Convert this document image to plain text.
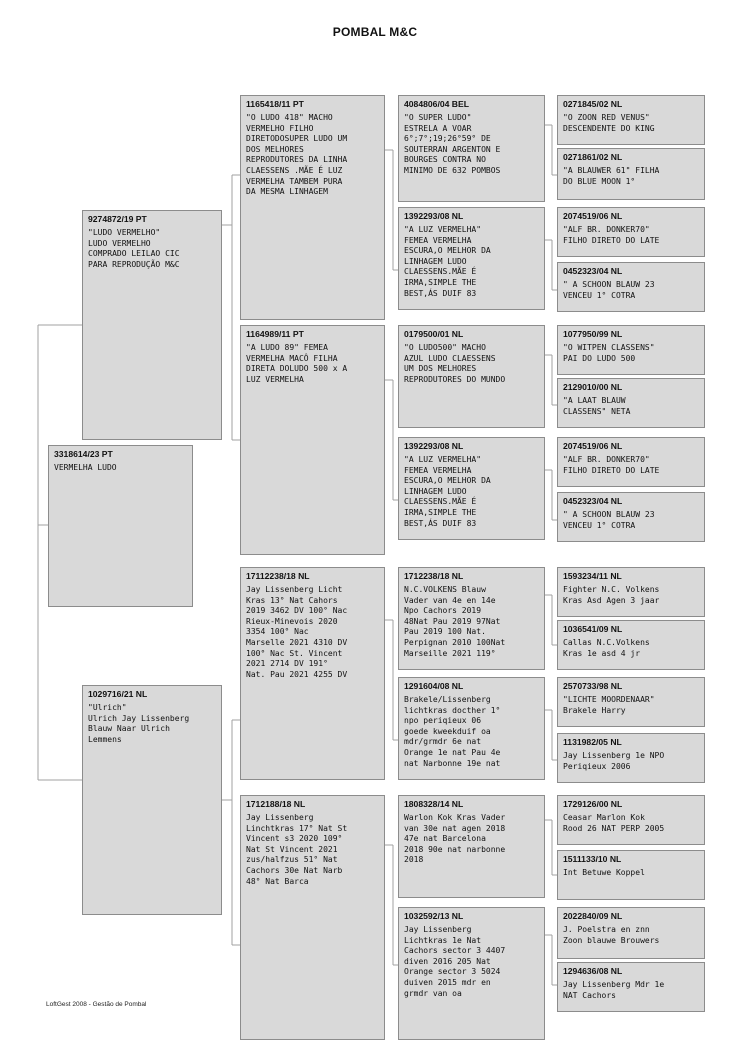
POMBAL M&C
3318614/23 PT
VERMELHA LUDO
9274872/19 PT
"LUDO VERMELHO"
LUDO VERMELHO
COMPRADO LEILAO CIC
PARA REPRODUÇÃO M&C
1029716/21 NL
"Ulrich"
Ulrich Jay Lissenberg
Blauw Naar Ulrich
Lemmens
1165418/11 PT
"O LUDO 418" MACHO
VERMELHO FILHO
DIRETODOSUPER LUDO UM
DOS MELHORES
REPRODUTORES DA LINHA
CLAESSENS .MÃE É LUZ
VERMELHA TAMBEM PURA
DA MESMA LINHAGEM
1164989/11 PT
"A LUDO 89" FEMEA
VERMELHA MACÔ FILHA
DIRETA DOLUDO 500 x A
LUZ VERMELHA
17112238/18 NL
Jay Lissenberg Licht
Kras 13° Nat Cahors
2019 3462 DV 100° Nac
Rieux-Minevois 2020
3354 100° Nac
Marselle 2021 4310 DV
100° Nac St. Vincent
2021 2714 DV 191°
Nat. Pau 2021 4255 DV
1712188/18 NL
Jay Lissenberg
Linchtkras 17° Nat St
Vincent s3 2020 109°
Nat St Vincent 2021
zus/halfzus 51° Nat
Cachors 30e Nat Narb
48° Nat Barca
4084806/04 BEL
"O SUPER LUDO"
ESTRELA A VOAR
6°;7°;19;26°59° DE
SOUTERRAN ARGENTON E
BOURGES CONTRA NO
MINIMO DE 632 POMBOS
1392293/08 NL
"A LUZ VERMELHA"
FEMEA VERMELHA
ESCURA,O MELHOR DA
LINHAGEM LUDO
CLAESSENS.MÃE É
IRMA,SIMPLE THE
BEST,ÁS DUIF 83
0179500/01 NL
"O LUDO500" MACHO
AZUL LUDO CLAESSENS
UM DOS MELHORES
REPRODUTORES DO MUNDO
1392293/08 NL
"A LUZ VERMELHA"
FEMEA VERMELHA
ESCURA,O MELHOR DA
LINHAGEM LUDO
CLAESSENS.MÃE É
IRMA,SIMPLE THE
BEST,ÁS DUIF 83
1712238/18 NL
N.C.VOLKENS Blauw
Vader van 4e en 14e
Npo Cachors 2019
48Nat Pau 2019 97Nat
Pau 2019 100 Nat.
Perpignan 2010 100Nat
Marseille 2021 119°
1291604/08 NL
Brakele/Lissenberg
lichtkras docther 1°
npo periqieux 06
goede kweekduif oa
mdr/grmdr 6e nat
Orange 1e nat Pau 4e
nat Narbonne 19e nat
1808328/14 NL
Warlon Kok Kras Vader
van 30e nat agen 2018
47e nat Barcelona
2018 90e nat narbonne
2018
1032592/13 NL
Jay Lissenberg
Lichtkras 1e Nat
Cachors sector 3 4407
diven 2016 205 Nat
Orange sector 3 5024
duiven 2015 mdr en
grmdr van oa
0271845/02 NL
"O ZOON RED VENUS"
DESCENDENTE DO KING
0271861/02 NL
"A BLAUWER 61" FILHA
DO BLUE MOON 1°
2074519/06 NL
"ALF BR. DONKER70"
FILHO DIRETO DO LATE
0452323/04 NL
" A SCHOON BLAUW 23
VENCEU 1° COTRA
1077950/99 NL
"O WITPEN CLASSENS"
PAI DO LUDO 500
2129010/00 NL
"A LAAT BLAUW
CLASSENS" NETA
2074519/06 NL
"ALF BR. DONKER70"
FILHO DIRETO DO LATE
0452323/04 NL
" A SCHOON BLAUW 23
VENCEU 1° COTRA
1593234/11 NL
Fighter N.C. Volkens
Kras Asd Agen 3 jaar
1036541/09 NL
Callas N.C.Volkens
Kras 1e asd 4 jr
2570733/98 NL
"LICHTE MOORDENAAR"
Brakele Harry
1131982/05 NL
Jay Lissenberg 1e NPO
Periqieux 2006
1729126/00 NL
Ceasar Marlon Kok
Rood 26 NAT PERP 2005
1511133/10 NL
Int Betuwe Koppel
2022840/09 NL
J. Poelstra en znn
Zoon blauwe Brouwers
1294636/08 NL
Jay Lissenberg Mdr 1e
NAT Cachors
LoftGest 2008 - Gestão de Pombal
